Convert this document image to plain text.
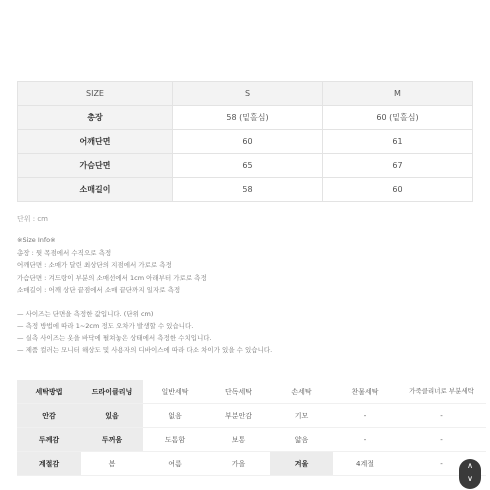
SIZE	S	M
총장	58 (밑홀심)	60 (밑홀심)
어깨단면	60	61
가슴단면	65	67
소매길이	58	60
단위 : cm
※Size Info※
총장 : 뒷 목점에서 수직으로 측정
어깨단면 : 소매가 달린 최상단의 지점에서 가로로 측정
가슴단면 : 겨드랑이 부분의 소매선에서 1cm 아래부터 가로로 측정
소매길이 : 어깨 상단 끝점에서 소매 끝단까지 일자로 측정
— 사이즈는 단면을 측정한 값입니다. (단위 cm)
— 측정 방법에 따라 1~2cm 정도 오차가 발생할 수 있습니다.
— 실측 사이즈는 옷을 바닥에 펼쳐놓은 상태에서 측정한 수치입니다.
— 제품 컬러는 모니터 해상도 및 사용자의 디바이스에 따라 다소 차이가 있을 수 있습니다.
세탁방법	드라이클리닝	일반세탁	단독세탁	손세탁	찬물세탁	가죽클리너로 부분세탁
안감	있음	없음	부분안감	기모	-	-
두께감	두꺼움	도톰함	보통	얇음	-	-
계절감	봄	여름	가을	겨울	4계절	-	∧
∨
